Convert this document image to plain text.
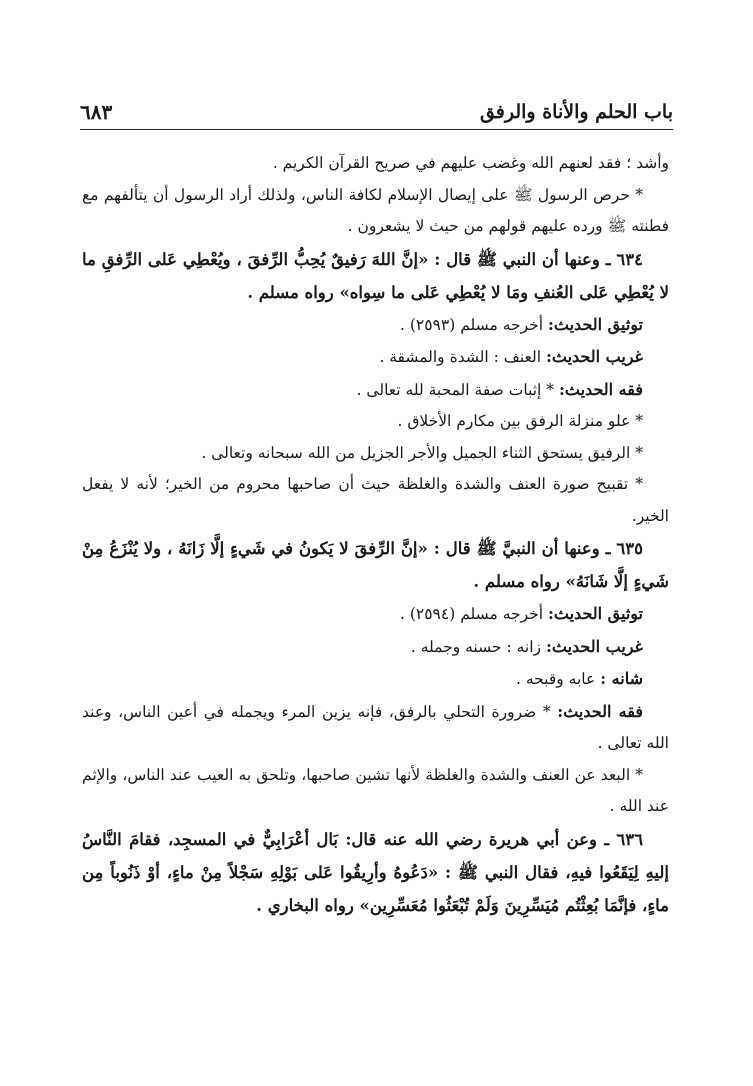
باب الحلم والأناة والرفق
٦٨٣

وأشد ؛ فقد لعنهم الله وغضب عليهم في صريح القرآن الكريم .

* حرص الرسول ﷺ على إيصال الإسلام لكافة الناس، ولذلك أراد الرسول أن يتألفهم مع فطنته ﷺ ورده عليهم قولهم من حيث لا يشعرون .

٦٣٤ ـ وعنها أن النبي ﷺ قال : «إنَّ اللهَ رَفيقٌ يُحِبُّ الرِّفقَ ، ويُعْطِي عَلى الرِّفقِ ما لا يُعْطِي عَلى العُنفِ ومَا لا يُعْطِي عَلى ما سِواه» رواه مسلم .

توثيق الحديث: أخرجه مسلم (٢٥٩٣) .

غريب الحديث: العنف : الشدة والمشقة .

فقه الحديث: * إثبات صفة المحبة لله تعالى .

* علو منزلة الرفق بين مكارم الأخلاق .

* الرفيق يستحق الثناء الجميل والأجر الجزيل من الله سبحانه وتعالى .

* تقبيح صورة العنف والشدة والغلظة حيث أن صاحبها محروم من الخير؛ لأنه لا يفعل الخير.

٦٣٥ ـ وعنها أن النبيَّ ﷺ قال : «إنَّ الرِّفقَ لا يَكونُ في شَيءٍ إلَّا زَانَهُ ، ولا يُنْزَعُ مِنْ شَيءٍ إلَّا شَانَهُ» رواه مسلم .

توثيق الحديث: أخرجه مسلم (٢٥٩٤) .

غريب الحديث: زانه : حسنه وجمله .

شانه : عابه وقبحه .

فقه الحديث: * ضرورة التحلي بالرفق، فإنه يزين المرء ويجمله في أعين الناس، وعند الله تعالى .

* البعد عن العنف والشدة والغلظة لأنها تشين صاحبها، وتلحق به العيب عند الناس، والإثم عند الله .

٦٣٦ ـ وعن أبي هريرة رضي الله عنه قال: بَال أعْرَابِيٌّ في المسجِد، فقامَ النَّاسُ إليهِ لِيَقَعُوا فيهِ، فقال النبي ﷺ : «دَعُوهُ وأرِيقُوا عَلى بَوْلِهِ سَجْلاً مِنْ ماءٍ، أوْ ذَنُوباً مِن ماءٍ، فإنَّمَا بُعِثْتُم مُيَسِّرِينَ وَلَمْ تُبْعَثُوا مُعَسِّرِين» رواه البخاري .
